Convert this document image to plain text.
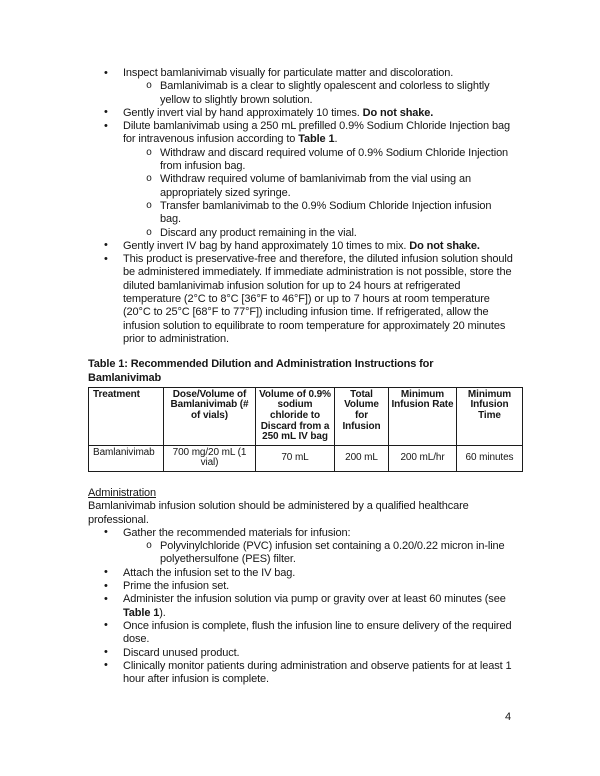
• Inspect bamlanivimab visually for particulate matter and discoloration.
o Bamlanivimab is a clear to slightly opalescent and colorless to slightly yellow to slightly brown solution.
• Gently invert vial by hand approximately 10 times. Do not shake.
• Dilute bamlanivimab using a 250 mL prefilled 0.9% Sodium Chloride Injection bag for intravenous infusion according to Table 1.
o Withdraw and discard required volume of 0.9% Sodium Chloride Injection from infusion bag.
o Withdraw required volume of bamlanivimab from the vial using an appropriately sized syringe.
o Transfer bamlanivimab to the 0.9% Sodium Chloride Injection infusion bag.
o Discard any product remaining in the vial.
• Gently invert IV bag by hand approximately 10 times to mix. Do not shake.
• This product is preservative-free and therefore, the diluted infusion solution should be administered immediately. If immediate administration is not possible, store the diluted bamlanivimab infusion solution for up to 24 hours at refrigerated temperature (2°C to 8°C [36°F to 46°F]) or up to 7 hours at room temperature (20°C to 25°C [68°F to 77°F]) including infusion time. If refrigerated, allow the infusion solution to equilibrate to room temperature for approximately 20 minutes prior to administration.
Table 1: Recommended Dilution and Administration Instructions for Bamlanivimab
Treatment	Dose/Volume of Bamlanivimab (# of vials)	Volume of 0.9% sodium chloride to Discard from a 250 mL IV bag	Total Volume for Infusion	Minimum Infusion Rate	Minimum Infusion Time
Bamlanivimab	700 mg/20 mL (1 vial)	70 mL	200 mL	200 mL/hr	60 minutes
Administration
Bamlanivimab infusion solution should be administered by a qualified healthcare professional.
• Gather the recommended materials for infusion:
o Polyvinylchloride (PVC) infusion set containing a 0.20/0.22 micron in-line polyethersulfone (PES) filter.
• Attach the infusion set to the IV bag.
• Prime the infusion set.
• Administer the infusion solution via pump or gravity over at least 60 minutes (see Table 1).
• Once infusion is complete, flush the infusion line to ensure delivery of the required dose.
• Discard unused product.
• Clinically monitor patients during administration and observe patients for at least 1 hour after infusion is complete.
4
